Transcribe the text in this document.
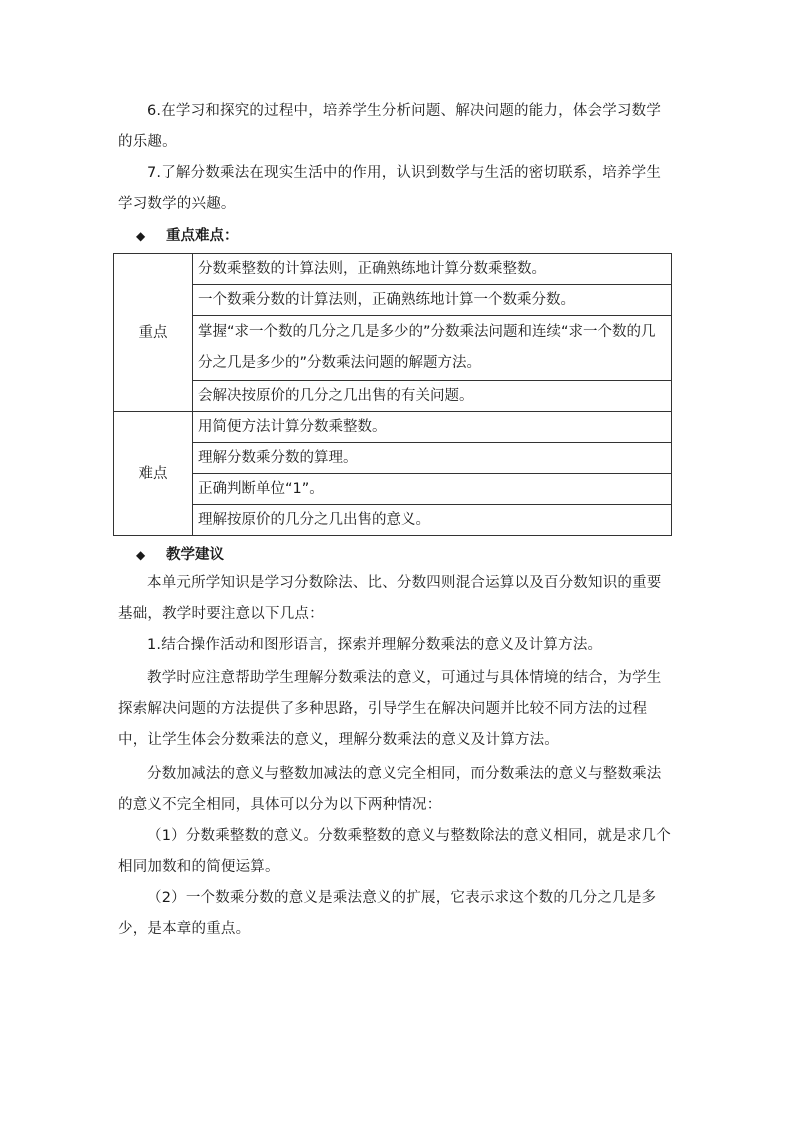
6.在学习和探究的过程中，培养学生分析问题、解决问题的能力，体会学习数学的乐趣。

7.了解分数乘法在现实生活中的作用，认识到数学与生活的密切联系，培养学生学习数学的兴趣。

◆ 重点难点：

重点	分数乘整数的计算法则，正确熟练地计算分数乘整数。
	一个数乘分数的计算法则，正确熟练地计算一个数乘分数。
	掌握“求一个数的几分之几是多少的”分数乘法问题和连续“求一个数的几分之几是多少的”分数乘法问题的解题方法。
	会解决按原价的几分之几出售的有关问题。
难点	用简便方法计算分数乘整数。
	理解分数乘分数的算理。
	正确判断单位“1”。
	理解按原价的几分之几出售的意义。

◆ 教学建议

本单元所学知识是学习分数除法、比、分数四则混合运算以及百分数知识的重要基础，教学时要注意以下几点：

1.结合操作活动和图形语言，探索并理解分数乘法的意义及计算方法。

教学时应注意帮助学生理解分数乘法的意义，可通过与具体情境的结合，为学生探索解决问题的方法提供了多种思路，引导学生在解决问题并比较不同方法的过程中，让学生体会分数乘法的意义，理解分数乘法的意义及计算方法。

分数加减法的意义与整数加减法的意义完全相同，而分数乘法的意义与整数乘法的意义不完全相同，具体可以分为以下两种情况：

（1）分数乘整数的意义。分数乘整数的意义与整数除法的意义相同，就是求几个相同加数和的简便运算。

（2）一个数乘分数的意义是乘法意义的扩展，它表示求这个数的几分之几是多少，是本章的重点。
